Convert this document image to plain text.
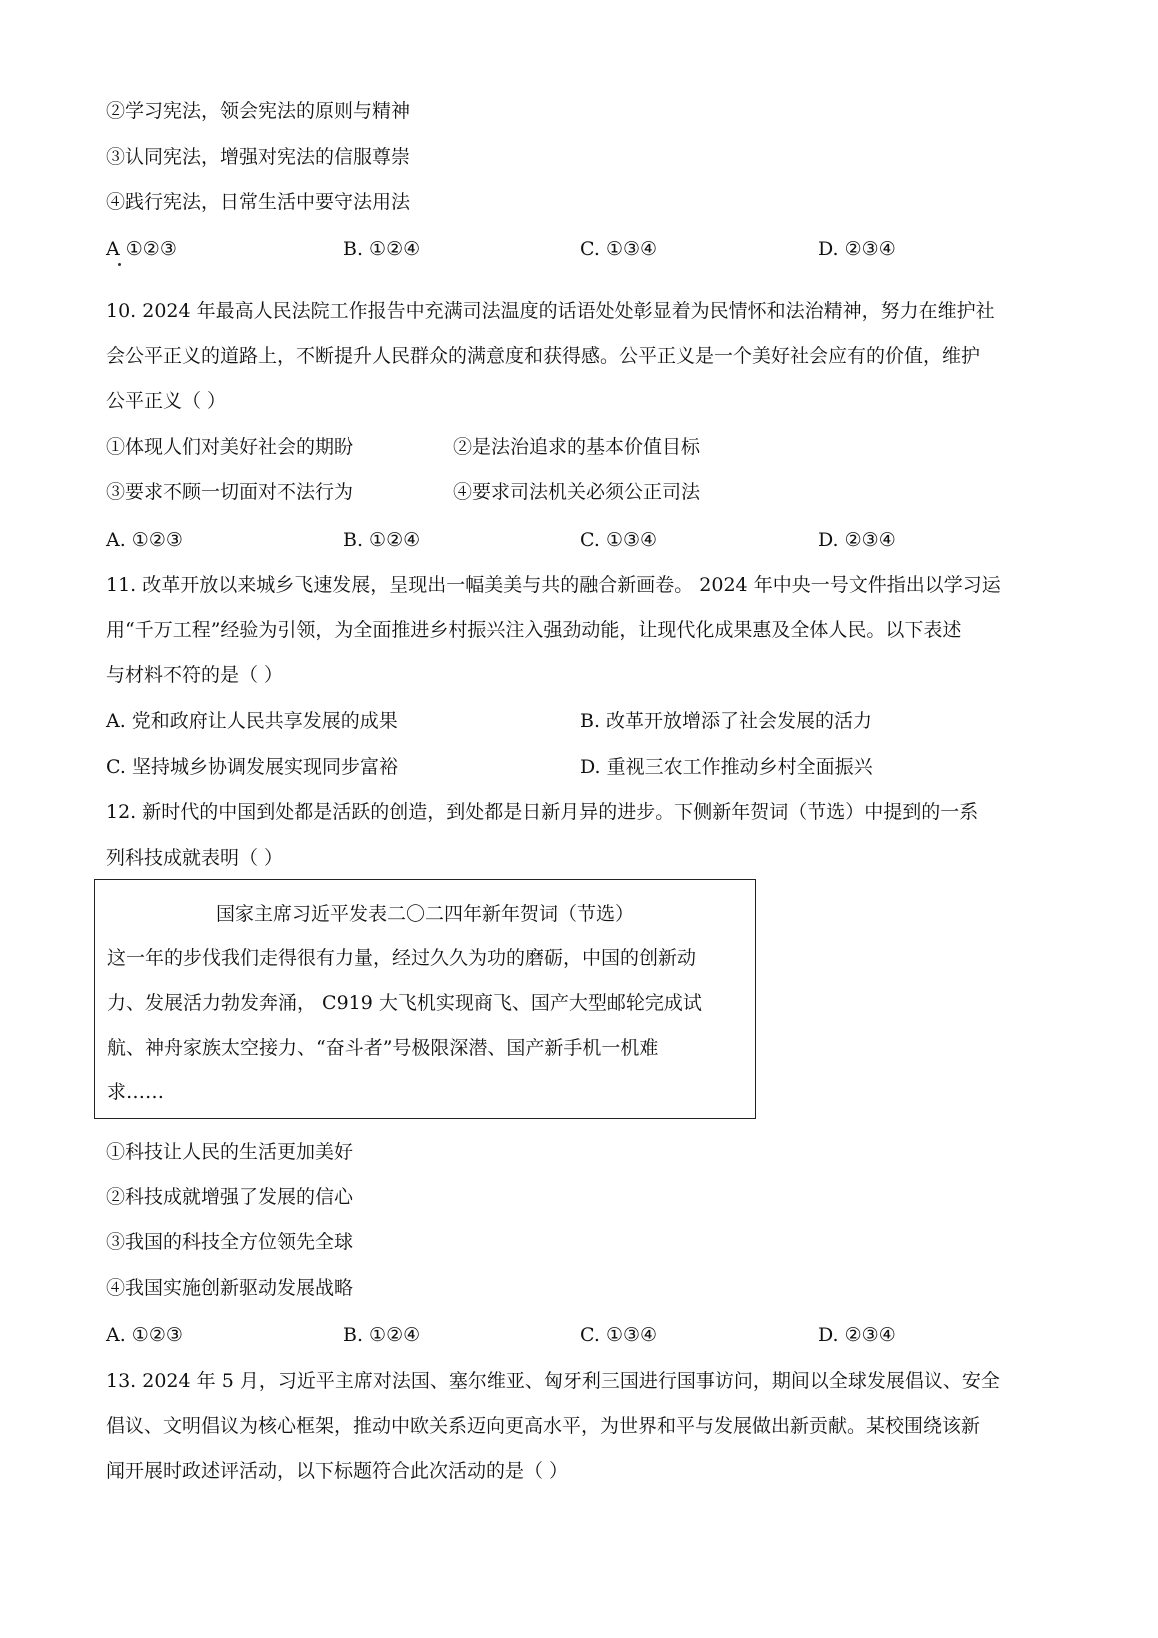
②学习宪法，领会宪法的原则与精神
③认同宪法，增强对宪法的信服尊崇
④践行宪法，日常生活中要守法用法
A ①②③	B. ①②④	C. ①③④	D. ②③④
10. 2024 年最高人民法院工作报告中充满司法温度的话语处处彰显着为民情怀和法治精神，努力在维护社
会公平正义的道路上，不断提升人民群众的满意度和获得感。公平正义是一个美好社会应有的价值，维护
公平正义（ ）
①体现人们对美好社会的期盼	②是法治追求的基本价值目标
③要求不顾一切面对不法行为	④要求司法机关必须公正司法
A. ①②③	B. ①②④	C. ①③④	D. ②③④
11. 改革开放以来城乡飞速发展，呈现出一幅美美与共的融合新画卷。 2024 年中央一号文件指出以学习运
用“千万工程”经验为引领，为全面推进乡村振兴注入强劲动能，让现代化成果惠及全体人民。以下表述
与材料不符的是（ ）
A. 党和政府让人民共享发展的成果	B. 改革开放增添了社会发展的活力
C. 坚持城乡协调发展实现同步富裕	D. 重视三农工作推动乡村全面振兴
12. 新时代的中国到处都是活跃的创造，到处都是日新月异的进步。下侧新年贺词（节选）中提到的一系
列科技成就表明（ ）
国家主席习近平发表二〇二四年新年贺词（节选）
这一年的步伐我们走得很有力量，经过久久为功的磨砺，中国的创新动
力、发展活力勃发奔涌， C919 大飞机实现商飞、国产大型邮轮完成试
航、神舟家族太空接力、“奋斗者”号极限深潜、国产新手机一机难
求……
①科技让人民的生活更加美好
②科技成就增强了发展的信心
③我国的科技全方位领先全球
④我国实施创新驱动发展战略
A. ①②③	B. ①②④	C. ①③④	D. ②③④
13. 2024 年 5 月，习近平主席对法国、塞尔维亚、匈牙利三国进行国事访问，期间以全球发展倡议、安全
倡议、文明倡议为核心框架，推动中欧关系迈向更高水平，为世界和平与发展做出新贡献。某校围绕该新
闻开展时政述评活动，以下标题符合此次活动的是（ ）
